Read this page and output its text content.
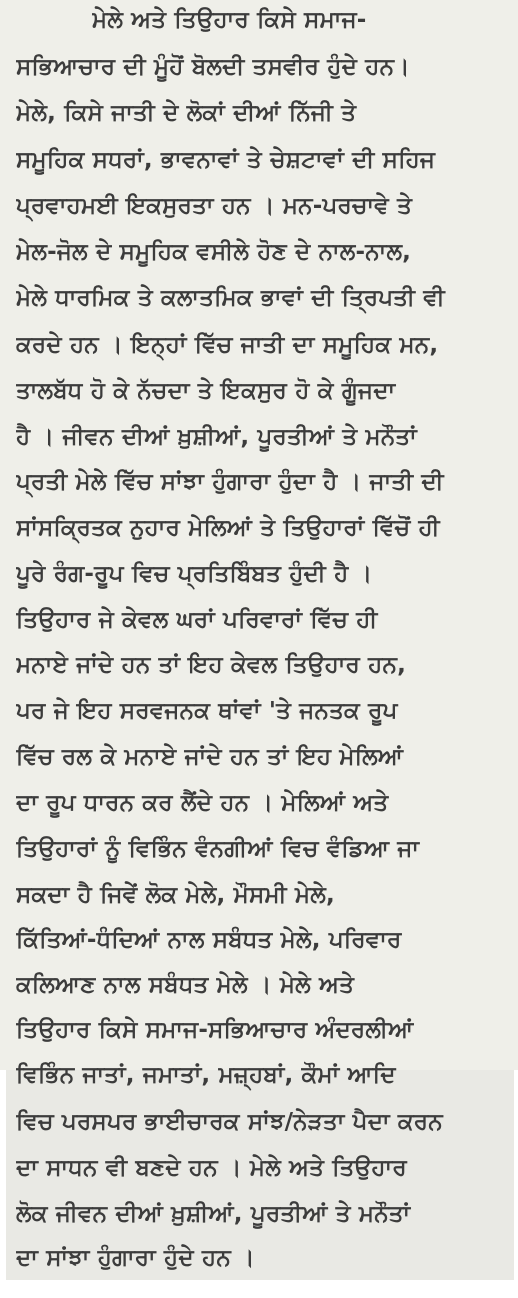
ਮੇਲੇ ਅਤੇ ਤਿਉਹਾਰ ਕਿਸੇ ਸਮਾਜ-
ਸਭਿਆਚਾਰ ਦੀ ਮੂੰਹੋਂ ਬੋਲਦੀ ਤਸਵੀਰ ਹੁੰਦੇ ਹਨ।
ਮੇਲੇ, ਕਿਸੇ ਜਾਤੀ ਦੇ ਲੋਕਾਂ ਦੀਆਂ ਨਿੱਜੀ ਤੇ
ਸਮੂਹਿਕ ਸਧਰਾਂ, ਭਾਵਨਾਵਾਂ ਤੇ ਚੇਸ਼ਟਾਵਾਂ ਦੀ ਸਹਿਜ
ਪ੍ਰਵਾਹਮਈ ਇਕਸੁਰਤਾ ਹਨ । ਮਨ-ਪਰਚਾਵੇ ਤੇ
ਮੇਲ-ਜੋਲ ਦੇ ਸਮੂਹਿਕ ਵਸੀਲੇ ਹੋਣ ਦੇ ਨਾਲ-ਨਾਲ,
ਮੇਲੇ ਧਾਰਮਿਕ ਤੇ ਕਲਾਤਮਿਕ ਭਾਵਾਂ ਦੀ ਤ੍ਰਿਪਤੀ ਵੀ
ਕਰਦੇ ਹਨ । ਇਨ੍ਹਾਂ ਵਿੱਚ ਜਾਤੀ ਦਾ ਸਮੂਹਿਕ ਮਨ,
ਤਾਲਬੱਧ ਹੋ ਕੇ ਨੱਚਦਾ ਤੇ ਇਕਸੁਰ ਹੋ ਕੇ ਗੂੰਜਦਾ
ਹੈ । ਜੀਵਨ ਦੀਆਂ ਖ਼ੁਸ਼ੀਆਂ, ਪੂਰਤੀਆਂ ਤੇ ਮਨੌਤਾਂ
ਪ੍ਰਤੀ ਮੇਲੇ ਵਿੱਚ ਸਾਂਝਾ ਹੁੰਗਾਰਾ ਹੁੰਦਾ ਹੈ । ਜਾਤੀ ਦੀ
ਸਾਂਸਕ੍ਰਿਤਕ ਨੁਹਾਰ ਮੇਲਿਆਂ ਤੇ ਤਿਉਹਾਰਾਂ ਵਿੱਚੋਂ ਹੀ
ਪੂਰੇ ਰੰਗ-ਰੂਪ ਵਿਚ ਪ੍ਰਤਿਬਿੰਬਤ ਹੁੰਦੀ ਹੈ ।
ਤਿਉਹਾਰ ਜੇ ਕੇਵਲ ਘਰਾਂ ਪਰਿਵਾਰਾਂ ਵਿੱਚ ਹੀ
ਮਨਾਏ ਜਾਂਦੇ ਹਨ ਤਾਂ ਇਹ ਕੇਵਲ ਤਿਉਹਾਰ ਹਨ,
ਪਰ ਜੇ ਇਹ ਸਰਵਜਨਕ ਥਾਂਵਾਂ 'ਤੇ ਜਨਤਕ ਰੂਪ
ਵਿੱਚ ਰਲ ਕੇ ਮਨਾਏ ਜਾਂਦੇ ਹਨ ਤਾਂ ਇਹ ਮੇਲਿਆਂ
ਦਾ ਰੂਪ ਧਾਰਨ ਕਰ ਲੈਂਦੇ ਹਨ । ਮੇਲਿਆਂ ਅਤੇ
ਤਿਉਹਾਰਾਂ ਨੂੰ ਵਿਭਿੰਨ ਵੰਨਗੀਆਂ ਵਿਚ ਵੰਡਿਆ ਜਾ
ਸਕਦਾ ਹੈ ਜਿਵੇਂ ਲੋਕ ਮੇਲੇ, ਮੌਸਮੀ ਮੇਲੇ,
ਕਿੱਤਿਆਂ-ਧੰਦਿਆਂ ਨਾਲ ਸਬੰਧਤ ਮੇਲੇ, ਪਰਿਵਾਰ
ਕਲਿਆਣ ਨਾਲ ਸਬੰਧਤ ਮੇਲੇ । ਮੇਲੇ ਅਤੇ
ਤਿਉਹਾਰ ਕਿਸੇ ਸਮਾਜ-ਸਭਿਆਚਾਰ ਅੰਦਰਲੀਆਂ
ਵਿਭਿੰਨ ਜਾਤਾਂ, ਜਮਾਤਾਂ, ਮਜ਼੍ਹਬਾਂ, ਕੌਮਾਂ ਆਦਿ
ਵਿਚ ਪਰਸਪਰ ਭਾਈਚਾਰਕ ਸਾਂਝ/ਨੇੜਤਾ ਪੈਦਾ ਕਰਨ
ਦਾ ਸਾਧਨ ਵੀ ਬਣਦੇ ਹਨ । ਮੇਲੇ ਅਤੇ ਤਿਉਹਾਰ
ਲੋਕ ਜੀਵਨ ਦੀਆਂ ਖ਼ੁਸ਼ੀਆਂ, ਪੂਰਤੀਆਂ ਤੇ ਮਨੌਤਾਂ
ਦਾ ਸਾਂਝਾ ਹੁੰਗਾਰਾ ਹੁੰਦੇ ਹਨ ।
